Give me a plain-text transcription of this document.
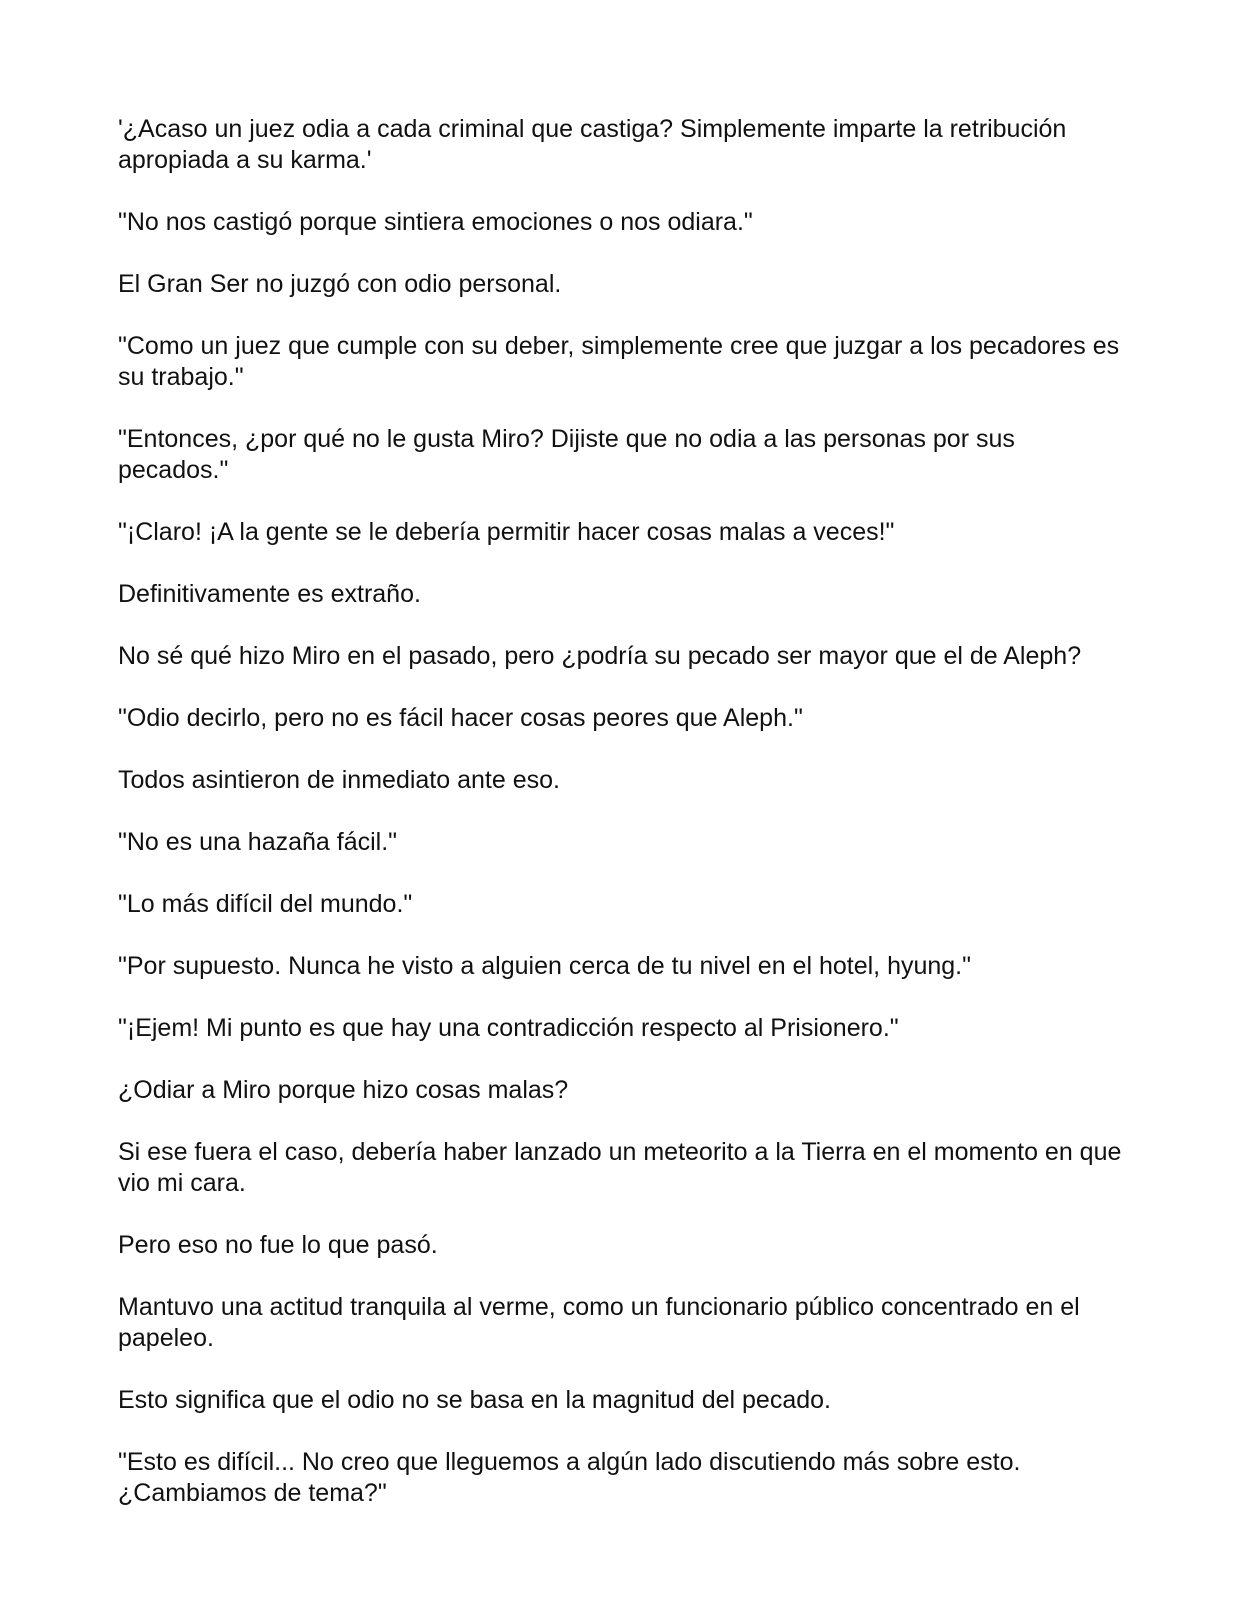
'¿Acaso un juez odia a cada criminal que castiga? Simplemente imparte la retribución apropiada a su karma.'

"No nos castigó porque sintiera emociones o nos odiara."

El Gran Ser no juzgó con odio personal.

"Como un juez que cumple con su deber, simplemente cree que juzgar a los pecadores es su trabajo."

"Entonces, ¿por qué no le gusta Miro? Dijiste que no odia a las personas por sus pecados."

"¡Claro! ¡A la gente se le debería permitir hacer cosas malas a veces!"

Definitivamente es extraño.

No sé qué hizo Miro en el pasado, pero ¿podría su pecado ser mayor que el de Aleph?

"Odio decirlo, pero no es fácil hacer cosas peores que Aleph."

Todos asintieron de inmediato ante eso.

"No es una hazaña fácil."

"Lo más difícil del mundo."

"Por supuesto. Nunca he visto a alguien cerca de tu nivel en el hotel, hyung."

"¡Ejem! Mi punto es que hay una contradicción respecto al Prisionero."

¿Odiar a Miro porque hizo cosas malas?

Si ese fuera el caso, debería haber lanzado un meteorito a la Tierra en el momento en que vio mi cara.

Pero eso no fue lo que pasó.

Mantuvo una actitud tranquila al verme, como un funcionario público concentrado en el papeleo.

Esto significa que el odio no se basa en la magnitud del pecado.

"Esto es difícil... No creo que lleguemos a algún lado discutiendo más sobre esto. ¿Cambiamos de tema?"
